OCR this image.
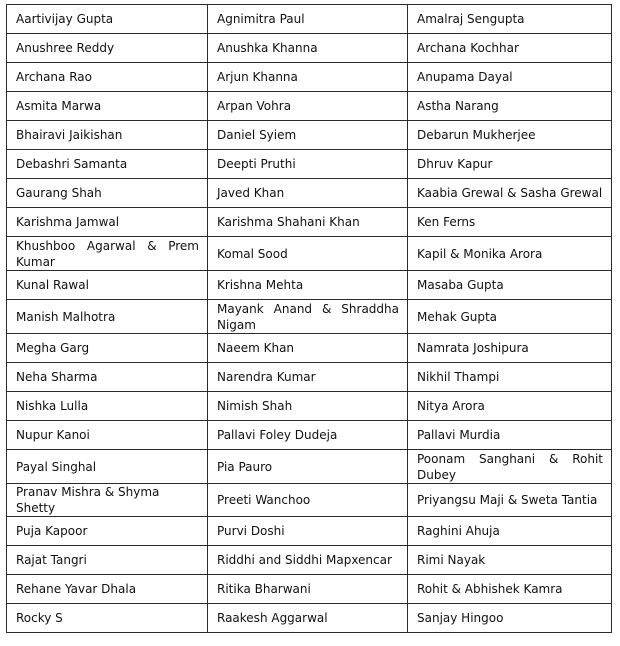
Aartivijay Gupta	Agnimitra Paul	Amalraj Sengupta
Anushree Reddy	Anushka Khanna	Archana Kochhar
Archana Rao	Arjun Khanna	Anupama Dayal
Asmita Marwa	Arpan Vohra	Astha Narang
Bhairavi Jaikishan	Daniel Syiem	Debarun Mukherjee
Debashri Samanta	Deepti Pruthi	Dhruv Kapur
Gaurang Shah	Javed Khan	Kaabia Grewal & Sasha Grewal
Karishma Jamwal	Karishma Shahani Khan	Ken Ferns
Khushboo Agarwal & Prem Kumar	Komal Sood	Kapil & Monika Arora
Kunal Rawal	Krishna Mehta	Masaba Gupta
Manish Malhotra	Mayank Anand & Shraddha Nigam	Mehak Gupta
Megha Garg	Naeem Khan	Namrata Joshipura
Neha Sharma	Narendra Kumar	Nikhil Thampi
Nishka Lulla	Nimish Shah	Nitya Arora
Nupur Kanoi	Pallavi Foley Dudeja	Pallavi Murdia
Payal Singhal	Pia Pauro	Poonam Sanghani & Rohit Dubey
Pranav Mishra & Shyma Shetty	Preeti Wanchoo	Priyangsu Maji & Sweta Tantia
Puja Kapoor	Purvi Doshi	Raghini Ahuja
Rajat Tangri	Riddhi and Siddhi Mapxencar	Rimi Nayak
Rehane Yavar Dhala	Ritika Bharwani	Rohit & Abhishek Kamra
Rocky S	Raakesh Aggarwal	Sanjay Hingoo
